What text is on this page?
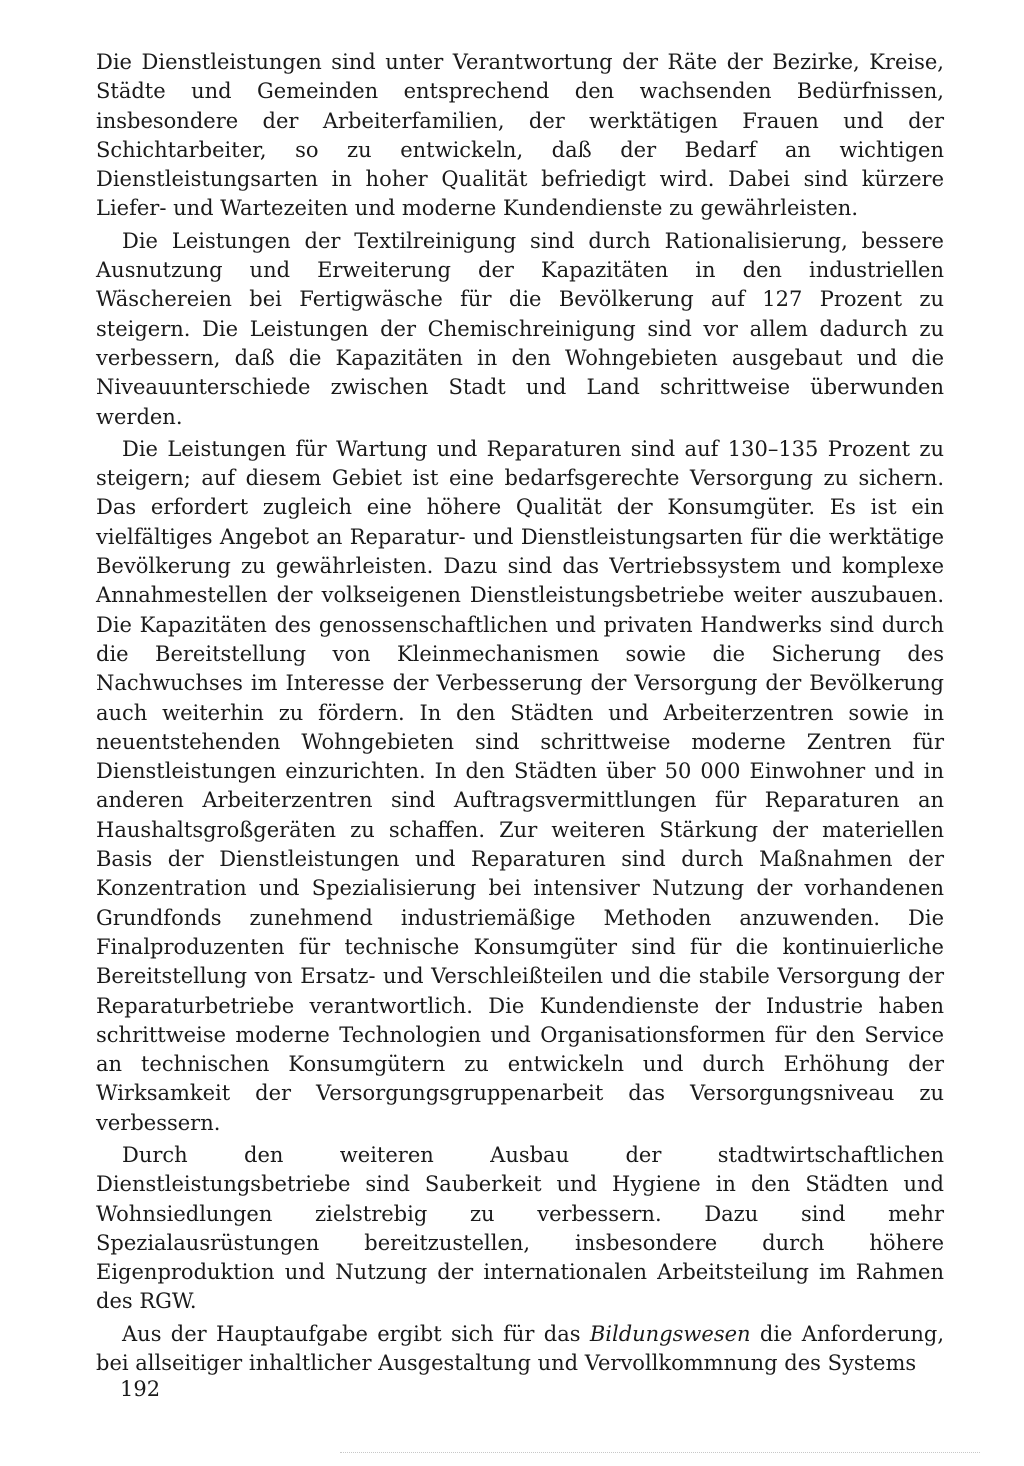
Die Dienstleistungen sind unter Verantwortung der Räte der Bezirke, Kreise, Städte und Gemeinden entsprechend den wachsenden Bedürfnissen, insbesondere der Arbeiterfamilien, der werktätigen Frauen und der Schichtarbeiter, so zu entwickeln, daß der Bedarf an wichtigen Dienstleistungsarten in hoher Qualität befriedigt wird. Dabei sind kürzere Liefer- und Wartezeiten und moderne Kundendienste zu gewährleisten.

Die Leistungen der Textilreinigung sind durch Rationalisierung, bessere Ausnutzung und Erweiterung der Kapazitäten in den industriellen Wäschereien bei Fertigwäsche für die Bevölkerung auf 127 Prozent zu steigern. Die Leistungen der Chemischreinigung sind vor allem dadurch zu verbessern, daß die Kapazitäten in den Wohngebieten ausgebaut und die Niveauunterschiede zwischen Stadt und Land schrittweise überwunden werden.

Die Leistungen für Wartung und Reparaturen sind auf 130–135 Prozent zu steigern; auf diesem Gebiet ist eine bedarfsgerechte Versorgung zu sichern. Das erfordert zugleich eine höhere Qualität der Konsumgüter. Es ist ein vielfältiges Angebot an Reparatur- und Dienstleistungsarten für die werktätige Bevölkerung zu gewährleisten. Dazu sind das Vertriebssystem und komplexe Annahmestellen der volkseigenen Dienstleistungsbetriebe weiter auszubauen. Die Kapazitäten des genossenschaftlichen und privaten Handwerks sind durch die Bereitstellung von Kleinmechanismen sowie die Sicherung des Nachwuchses im Interesse der Verbesserung der Versorgung der Bevölkerung auch weiterhin zu fördern. In den Städten und Arbeiterzentren sowie in neuentstehenden Wohngebieten sind schrittweise moderne Zentren für Dienstleistungen einzurichten. In den Städten über 50 000 Einwohner und in anderen Arbeiterzentren sind Auftragsvermittlungen für Reparaturen an Haushaltsgroßgeräten zu schaffen. Zur weiteren Stärkung der materiellen Basis der Dienstleistungen und Reparaturen sind durch Maßnahmen der Konzentration und Spezialisierung bei intensiver Nutzung der vorhandenen Grundfonds zunehmend industriemäßige Methoden anzuwenden. Die Finalproduzenten für technische Konsumgüter sind für die kontinuierliche Bereitstellung von Ersatz- und Verschleißteilen und die stabile Versorgung der Reparaturbetriebe verantwortlich. Die Kundendienste der Industrie haben schrittweise moderne Technologien und Organisationsformen für den Service an technischen Konsumgütern zu entwickeln und durch Erhöhung der Wirksamkeit der Versorgungsgruppenarbeit das Versorgungsniveau zu verbessern.

Durch den weiteren Ausbau der stadtwirtschaftlichen Dienstleistungsbetriebe sind Sauberkeit und Hygiene in den Städten und Wohnsiedlungen zielstrebig zu verbessern. Dazu sind mehr Spezialausrüstungen bereitzustellen, insbesondere durch höhere Eigenproduktion und Nutzung der internationalen Arbeitsteilung im Rahmen des RGW.

Aus der Hauptaufgabe ergibt sich für das Bildungswesen die Anforderung, bei allseitiger inhaltlicher Ausgestaltung und Vervollkommnung des Systems

192
